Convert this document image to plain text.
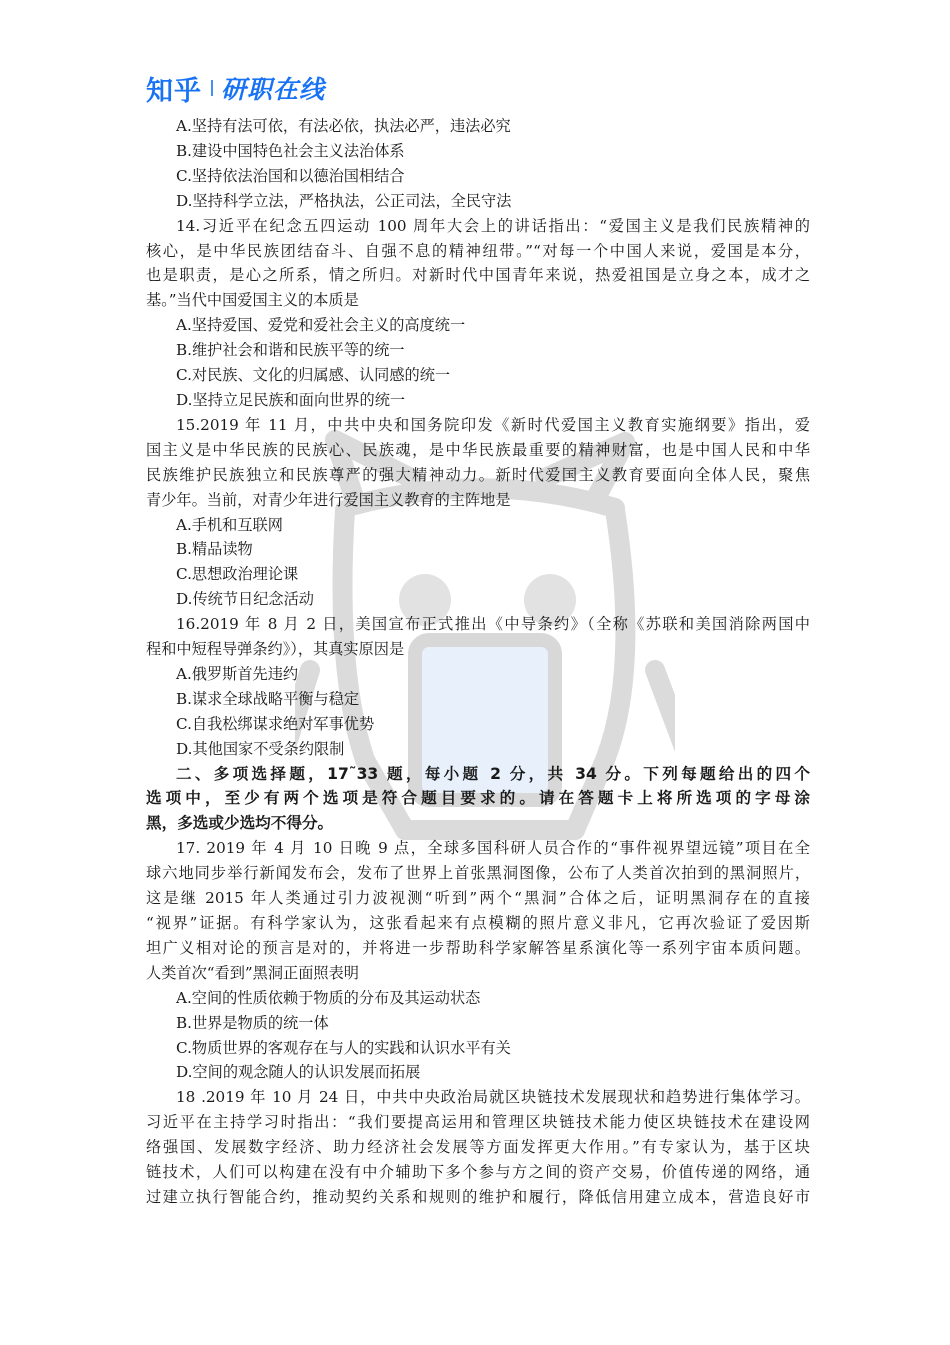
知乎 研职在线
A.坚持有法可依，有法必依，执法必严，违法必究
B.建设中国特色社会主义法治体系
C.坚持依法治国和以德治国相结合
D.坚持科学立法，严格执法，公正司法，全民守法
14.习近平在纪念五四运动 100 周年大会上的讲话指出：“爱国主义是我们民族精神的
核心，是中华民族团结奋斗、自强不息的精神纽带。”“对每一个中国人来说，爱国是本分，
也是职责，是心之所系，情之所归。对新时代中国青年来说，热爱祖国是立身之本，成才之
基。”当代中国爱国主义的本质是
A.坚持爱国、爱党和爱社会主义的高度统一
B.维护社会和谐和民族平等的统一
C.对民族、文化的归属感、认同感的统一
D.坚持立足民族和面向世界的统一
15.2019 年 11 月，中共中央和国务院印发《新时代爱国主义教育实施纲要》指出，爱
国主义是中华民族的民族心、民族魂，是中华民族最重要的精神财富，也是中国人民和中华
民族维护民族独立和民族尊严的强大精神动力。新时代爱国主义教育要面向全体人民，聚焦
青少年。当前，对青少年进行爱国主义教育的主阵地是
A.手机和互联网
B.精品读物
C.思想政治理论课
D.传统节日纪念活动
16.2019 年 8 月 2 日，美国宣布正式推出《中导条约》（全称《苏联和美国消除两国中
程和中短程导弹条约》），其真实原因是
A.俄罗斯首先违约
B.谋求全球战略平衡与稳定
C.自我松绑谋求绝对军事优势
D.其他国家不受条约限制
二、多项选择题，17˜33 题，每小题 2 分，共 34 分。下列每题给出的四个
选项中，至少有两个选项是符合题目要求的。请在答题卡上将所选项的字母涂
黑，多选或少选均不得分。
17. 2019 年 4 月 10 日晚 9 点，全球多国科研人员合作的“事件视界望远镜”项目在全
球六地同步举行新闻发布会，发布了世界上首张黑洞图像，公布了人类首次拍到的黑洞照片，
这是继 2015 年人类通过引力波视测“听到”两个“黑洞”合体之后，证明黑洞存在的直接
“视界”证据。有科学家认为，这张看起来有点模糊的照片意义非凡，它再次验证了爱因斯
坦广义相对论的预言是对的，并将进一步帮助科学家解答星系演化等一系列宇宙本质问题。
人类首次“看到”黑洞正面照表明
A.空间的性质依赖于物质的分布及其运动状态
B.世界是物质的统一体
C.物质世界的客观存在与人的实践和认识水平有关
D.空间的观念随人的认识发展而拓展
18 .2019 年 10 月 24 日，中共中央政治局就区块链技术发展现状和趋势进行集体学习。
习近平在主持学习时指出：“我们要提高运用和管理区块链技术能力使区块链技术在建设网
络强国、发展数字经济、助力经济社会发展等方面发挥更大作用。”有专家认为，基于区块
链技术，人们可以构建在没有中介辅助下多个参与方之间的资产交易，价值传递的网络，通
过建立执行智能合约，推动契约关系和规则的维护和履行，降低信用建立成本，营造良好市
